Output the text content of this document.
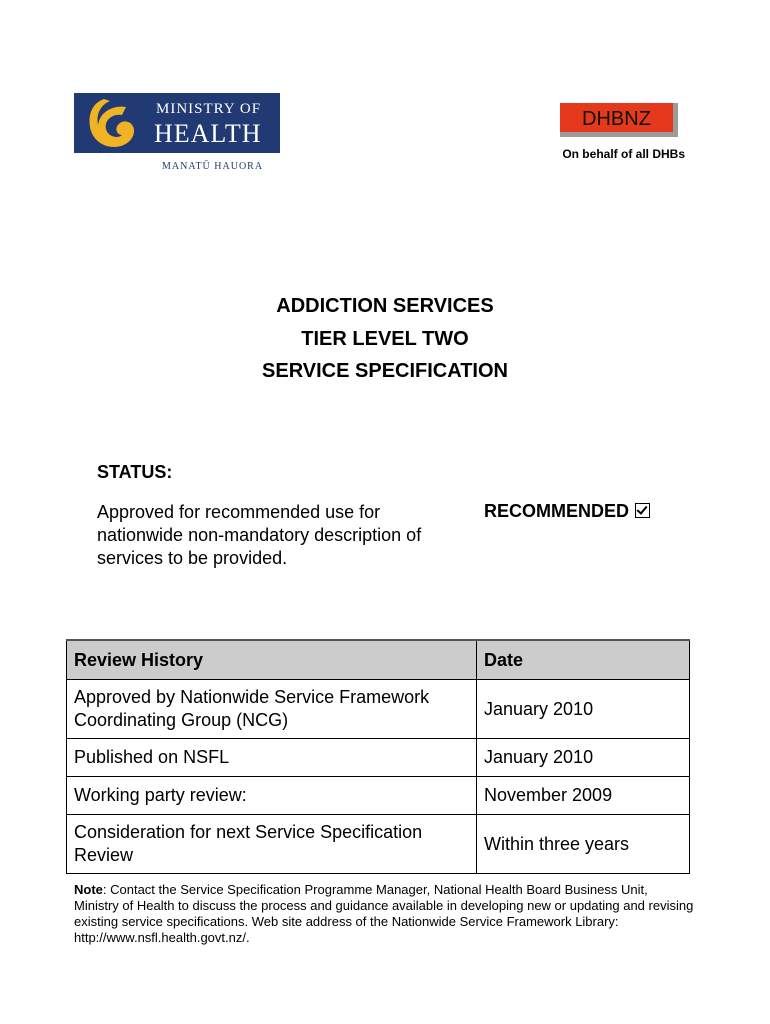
MINISTRY OF
HEALTH
MANATŪ HAUORA
DHBNZ
On behalf of all DHBs
ADDICTION SERVICES
TIER LEVEL TWO
SERVICE SPECIFICATION
STATUS:
Approved for recommended use for nationwide non-mandatory description of services to be provided.
RECOMMENDED
Review History	Date
Approved by Nationwide Service Framework Coordinating Group (NCG)	January 2010
Published on NSFL	January 2010
Working party review:	November 2009
Consideration for next Service Specification Review	Within three years
Note: Contact the Service Specification Programme Manager, National Health Board Business Unit, Ministry of Health to discuss the process and guidance available in developing new or updating and revising existing service specifications. Web site address of the Nationwide Service Framework Library: http://www.nsfl.health.govt.nz/.
